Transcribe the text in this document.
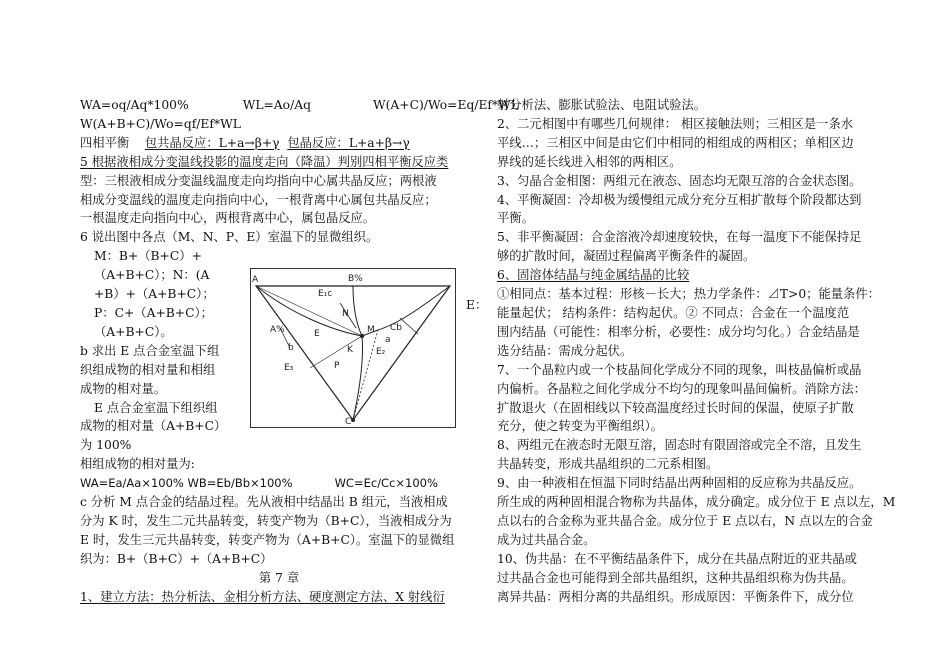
WA=oq/Aq*100%	WL=Ao/Aq	W(A+C)/Wo=Eq/Ef*WL
W(A+B+C)/Wo=qf/Ef*WL
四相平衡 包共晶反应：L+a→β+γ 包晶反应：L+a+β→γ
5 根据液相成分变温线投影的温度走向（降温）判别四相平衡反应类
型：三根液相成分变温线温度走向均指向中心属共晶反应；两根液
相成分变温线的温度走向指向中心，一根背离中心属包共晶反应；
一根温度走向指向中心，两根背离中心，属包晶反应。
6 说出图中各点（M、N、P、E）室温下的显微组织。
M：B+（B+C）+
（A+B+C）；N：(A
+B）+（A+B+C）；
P：C+（A+B+C）；
（A+B+C）。
b 求出 E 点合金室温下组
织组成物的相对量和相组
成物的相对量。
E 点合金室温下组织组
成物的相对量（A+B+C）
为 100%
相组成物的相对量为:
WA=Ea/Aa×100% WB=Eb/Bb×100%	WC=Ec/Cc×100%
c 分析 M 点合金的结晶过程。先从液相中结晶出 B 组元，当液相成
分为 K 时，发生二元共晶转变，转变产物为（B+C），当液相成分为
E 时，发生三元共晶转变，转变产物为（A+B+C）。室温下的显微组
织为：B+（B+C）+（A+B+C）
第 7 章
1、建立方法：热分析法、金相分析方法、硬度测定方法、X 射线衍
A	B%
E₁c
N
M Cb
A%	E
K
P
b	E₂
E₃
a
C
E：
射分析法、膨胀试验法、电阻试验法。
2、二元相图中有哪些几何规律： 相区接触法则；三相区是一条水
平线…；三相区中间是由它们中相同的相组成的两相区；单相区边
界线的延长线进入相邻的两相区。
3、匀晶合金相图：两组元在液态、固态均无限互溶的合金状态图。
4、平衡凝固：冷却极为缓慢组元成分充分互相扩散每个阶段都达到
平衡。
5、非平衡凝固：合金溶液冷却速度较快，在每一温度下不能保持足
够的扩散时间，凝固过程偏离平衡条件的凝固。
6、固溶体结晶与纯金属结晶的比较
①相同点：基本过程：形核－长大；热力学条件：⊿T>0；能量条件：
能量起伏； 结构条件：结构起伏。② 不同点：合金在一个温度范
围内结晶（可能性：相率分析，必要性：成分均匀化。）合金结晶是
选分结晶：需成分起伏。
7、一个晶粒内或一个枝晶间化学成分不同的现象，叫枝晶偏析或晶
内偏析。各晶粒之间化学成分不均匀的现象叫晶间偏析。消除方法：
扩散退火（在固相线以下较高温度经过长时间的保温，使原子扩散
充分，使之转变为平衡组织）。
8、两组元在液态时无限互溶，固态时有限固溶或完全不溶，且发生
共晶转变，形成共晶组织的二元系相图。
9、由一种液相在恒温下同时结晶出两种固相的反应称为共晶反应。
所生成的两种固相混合物称为共晶体，成分确定。成分位于 E 点以左，M
点以右的合金称为亚共晶合金。成分位于 E 点以右，N 点以左的合金
成为过共晶合金。
10、伪共晶：在不平衡结晶条件下，成分在共晶点附近的亚共晶或
过共晶合金也可能得到全部共晶组织，这种共晶组织称为伪共晶。
离异共晶：两相分离的共晶组织。形成原因：平衡条件下，成分位
